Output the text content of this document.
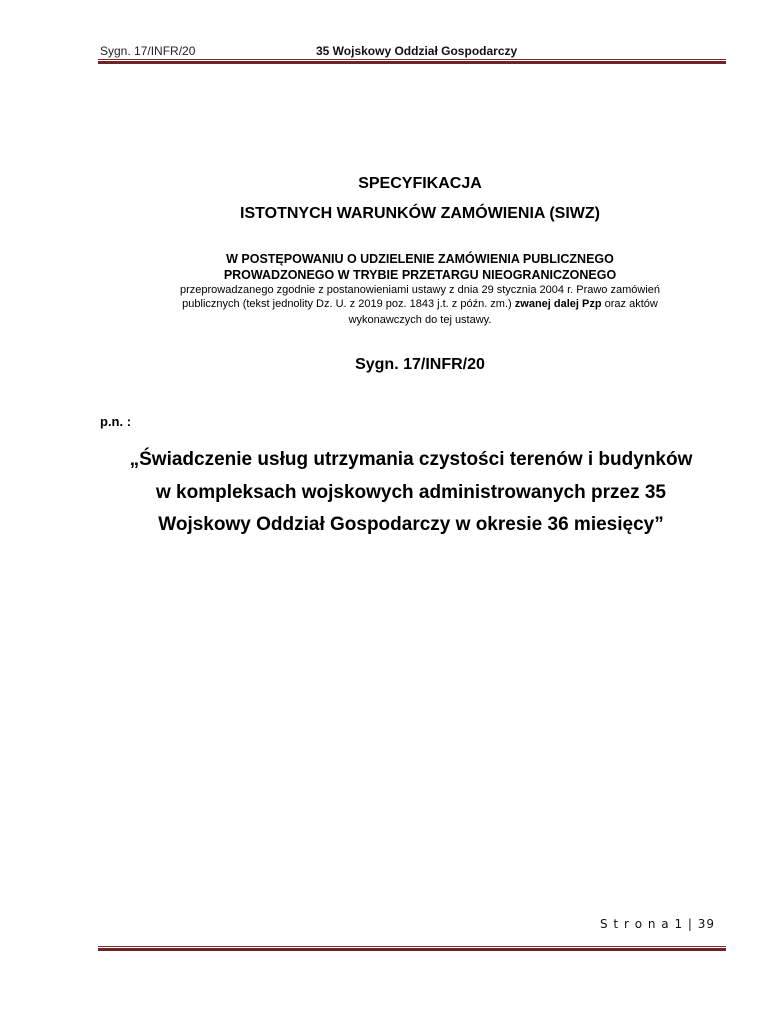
Sygn. 17/INFR/20	35 Wojskowy Oddział Gospodarczy
SPECYFIKACJA
ISTOTNYCH WARUNKÓW ZAMÓWIENIA (SIWZ)
W POSTĘPOWANIU O UDZIELENIE ZAMÓWIENIA PUBLICZNEGO
PROWADZONEGO W TRYBIE PRZETARGU NIEOGRANICZONEGO
przeprowadzanego zgodnie z postanowieniami ustawy z dnia 29 stycznia 2004 r. Prawo zamówień
publicznych (tekst jednolity Dz. U. z 2019 poz. 1843 j.t. z późn. zm.) zwanej dalej Pzp oraz aktów
wykonawczych do tej ustawy.
Sygn. 17/INFR/20
p.n. :
„Świadczenie usług utrzymania czystości terenów i budynków
w kompleksach wojskowych administrowanych przez 35
Wojskowy Oddział Gospodarczy w okresie 36 miesięcy”
S t r o n a 1 | 39
